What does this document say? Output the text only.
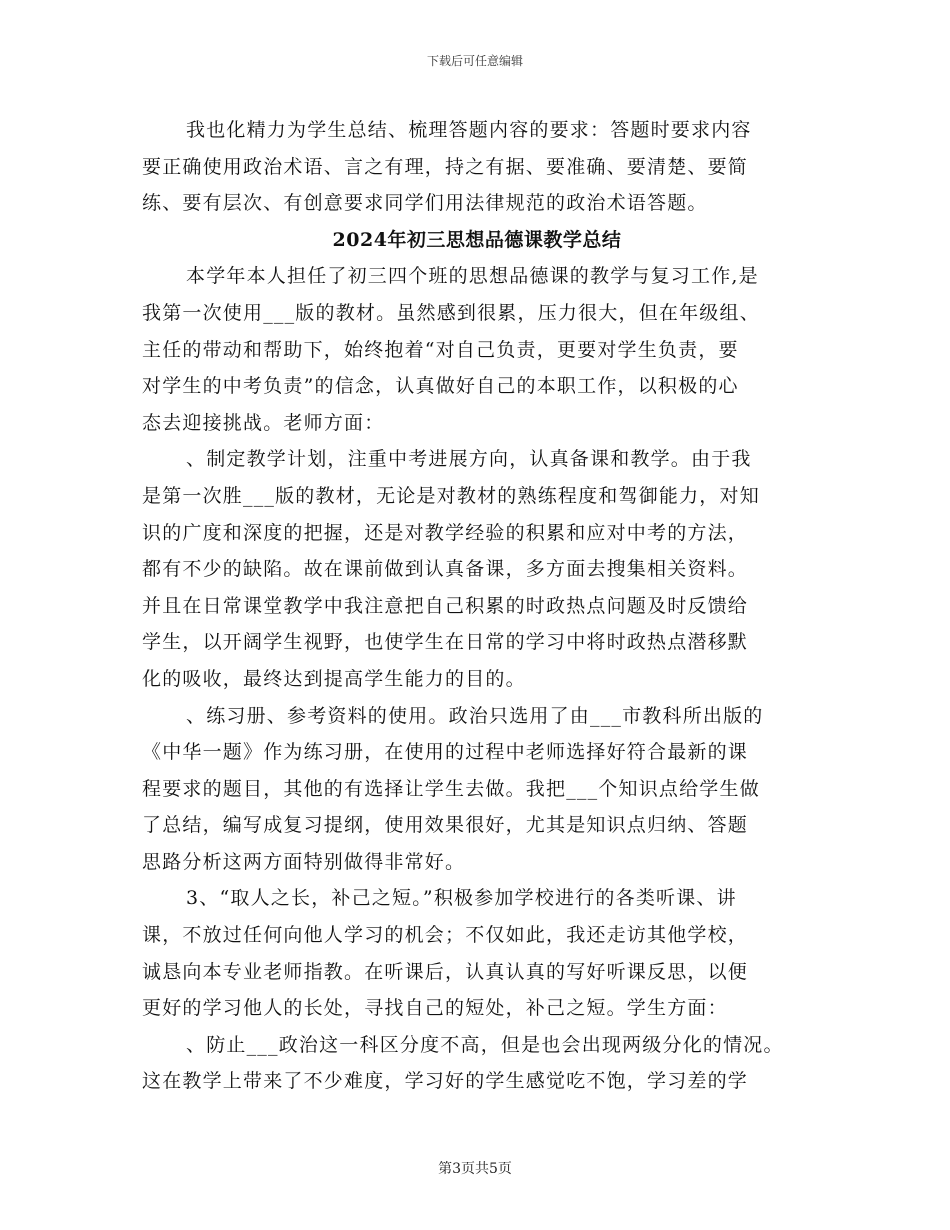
下载后可任意编辑
我也化精力为学生总结、梳理答题内容的要求：答题时要求内容
要正确使用政治术语、言之有理，持之有据、要准确、要清楚、要简
练、要有层次、有创意要求同学们用法律规范的政治术语答题。
2024年初三思想品德课教学总结
本学年本人担任了初三四个班的思想品德课的教学与复习工作,是
我第一次使用___版的教材。虽然感到很累，压力很大，但在年级组、
主任的带动和帮助下，始终抱着“对自己负责，更要对学生负责，要
对学生的中考负责”的信念，认真做好自己的本职工作，以积极的心
态去迎接挑战。老师方面：
、制定教学计划，注重中考进展方向，认真备课和教学。由于我
是第一次胜___版的教材，无论是对教材的熟练程度和驾御能力，对知
识的广度和深度的把握，还是对教学经验的积累和应对中考的方法，
都有不少的缺陷。故在课前做到认真备课，多方面去搜集相关资料。
并且在日常课堂教学中我注意把自己积累的时政热点问题及时反馈给
学生，以开阔学生视野，也使学生在日常的学习中将时政热点潜移默
化的吸收，最终达到提高学生能力的目的。
、练习册、参考资料的使用。政治只选用了由___市教科所出版的
《中华一题》作为练习册，在使用的过程中老师选择好符合最新的课
程要求的题目，其他的有选择让学生去做。我把___个知识点给学生做
了总结，编写成复习提纲，使用效果很好，尤其是知识点归纳、答题
思路分析这两方面特别做得非常好。
3、“取人之长，补己之短。”积极参加学校进行的各类听课、讲
课，不放过任何向他人学习的机会；不仅如此，我还走访其他学校，
诚恳向本专业老师指教。在听课后，认真认真的写好听课反思，以便
更好的学习他人的长处，寻找自己的短处，补己之短。学生方面：
、防止___政治这一科区分度不高，但是也会出现两级分化的情况。
这在教学上带来了不少难度，学习好的学生感觉吃不饱，学习差的学
第3页共5页
